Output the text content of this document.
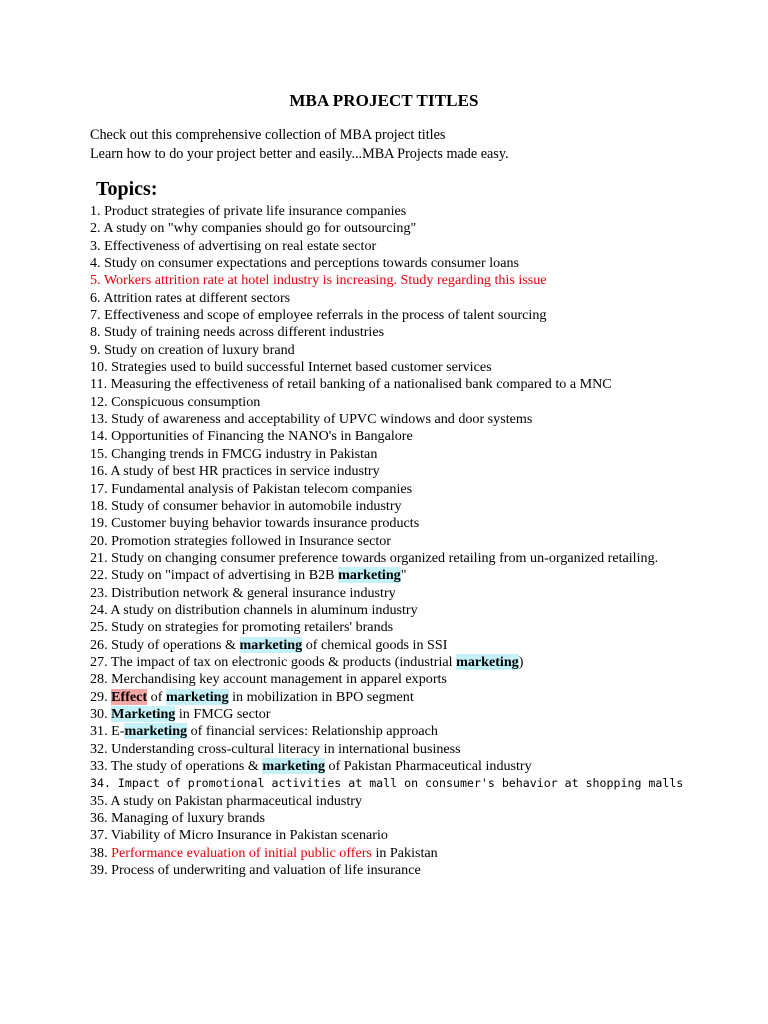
MBA PROJECT TITLES
Check out this comprehensive collection of MBA project titles
Learn how to do your project better and easily...MBA Projects made easy.
Topics:
1. Product strategies of private life insurance companies
2. A study on "why companies should go for outsourcing"
3. Effectiveness of advertising on real estate sector
4. Study on consumer expectations and perceptions towards consumer loans
5. Workers attrition rate at hotel industry is increasing. Study regarding this issue
6. Attrition rates at different sectors
7. Effectiveness and scope of employee referrals in the process of talent sourcing
8. Study of training needs across different industries
9. Study on creation of luxury brand
10. Strategies used to build successful Internet based customer services
11. Measuring the effectiveness of retail banking of a nationalised bank compared to a MNC
12. Conspicuous consumption
13. Study of awareness and acceptability of UPVC windows and door systems
14. Opportunities of Financing the NANO's in Bangalore
15. Changing trends in FMCG industry in Pakistan
16. A study of best HR practices in service industry
17. Fundamental analysis of Pakistan telecom companies
18. Study of consumer behavior in automobile industry
19. Customer buying behavior towards insurance products
20. Promotion strategies followed in Insurance sector
21. Study on changing consumer preference towards organized retailing from un-organized retailing.
22. Study on "impact of advertising in B2B marketing"
23. Distribution network & general insurance industry
24. A study on distribution channels in aluminum industry
25. Study on strategies for promoting retailers' brands
26. Study of operations & marketing of chemical goods in SSI
27. The impact of tax on electronic goods & products (industrial marketing)
28. Merchandising key account management in apparel exports
29. Effect of marketing in mobilization in BPO segment
30. Marketing in FMCG sector
31. E-marketing of financial services: Relationship approach
32. Understanding cross-cultural literacy in international business
33. The study of operations & marketing of Pakistan Pharmaceutical industry
34. Impact of promotional activities at mall on consumer's behavior at shopping malls
35. A study on Pakistan pharmaceutical industry
36. Managing of luxury brands
37. Viability of Micro Insurance in Pakistan scenario
38. Performance evaluation of initial public offers in Pakistan
39. Process of underwriting and valuation of life insurance
